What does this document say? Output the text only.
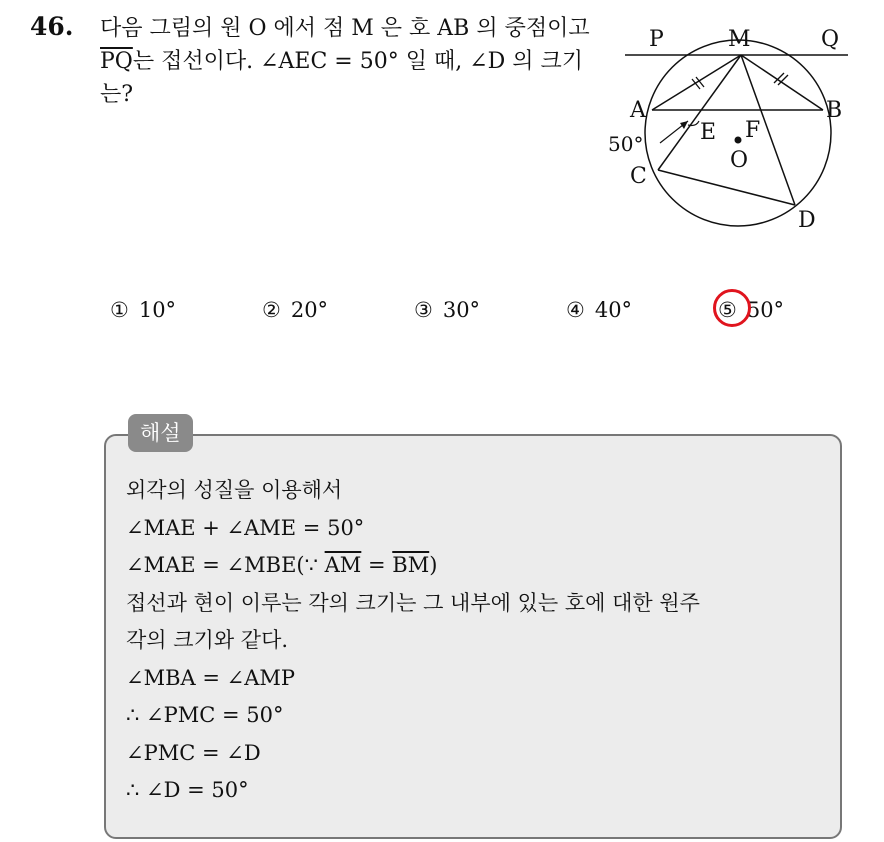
46. 다음 그림의 원 O 에서 점 M 은 호 AB 의 중점이고 $\overline{PQ}$는 접선이다. ∠AEC = 50° 일 때, ∠D 의 크기는?
P	M	Q
A	B
E F
O
C
D
50°
① 10°	② 20°	③ 30°	④ 40°	⑤ 50°
해설
외각의 성질을 이용해서
∠MAE + ∠AME = 50°
∠MAE = ∠MBE(∵ $\overline{AM} = \overline{BM}$)
접선과 현이 이루는 각의 크기는 그 내부에 있는 호에 대한 원주
각의 크기와 같다.
∠MBA = ∠AMP
∴ ∠PMC = 50°
∠PMC = ∠D
∴ ∠D = 50°
